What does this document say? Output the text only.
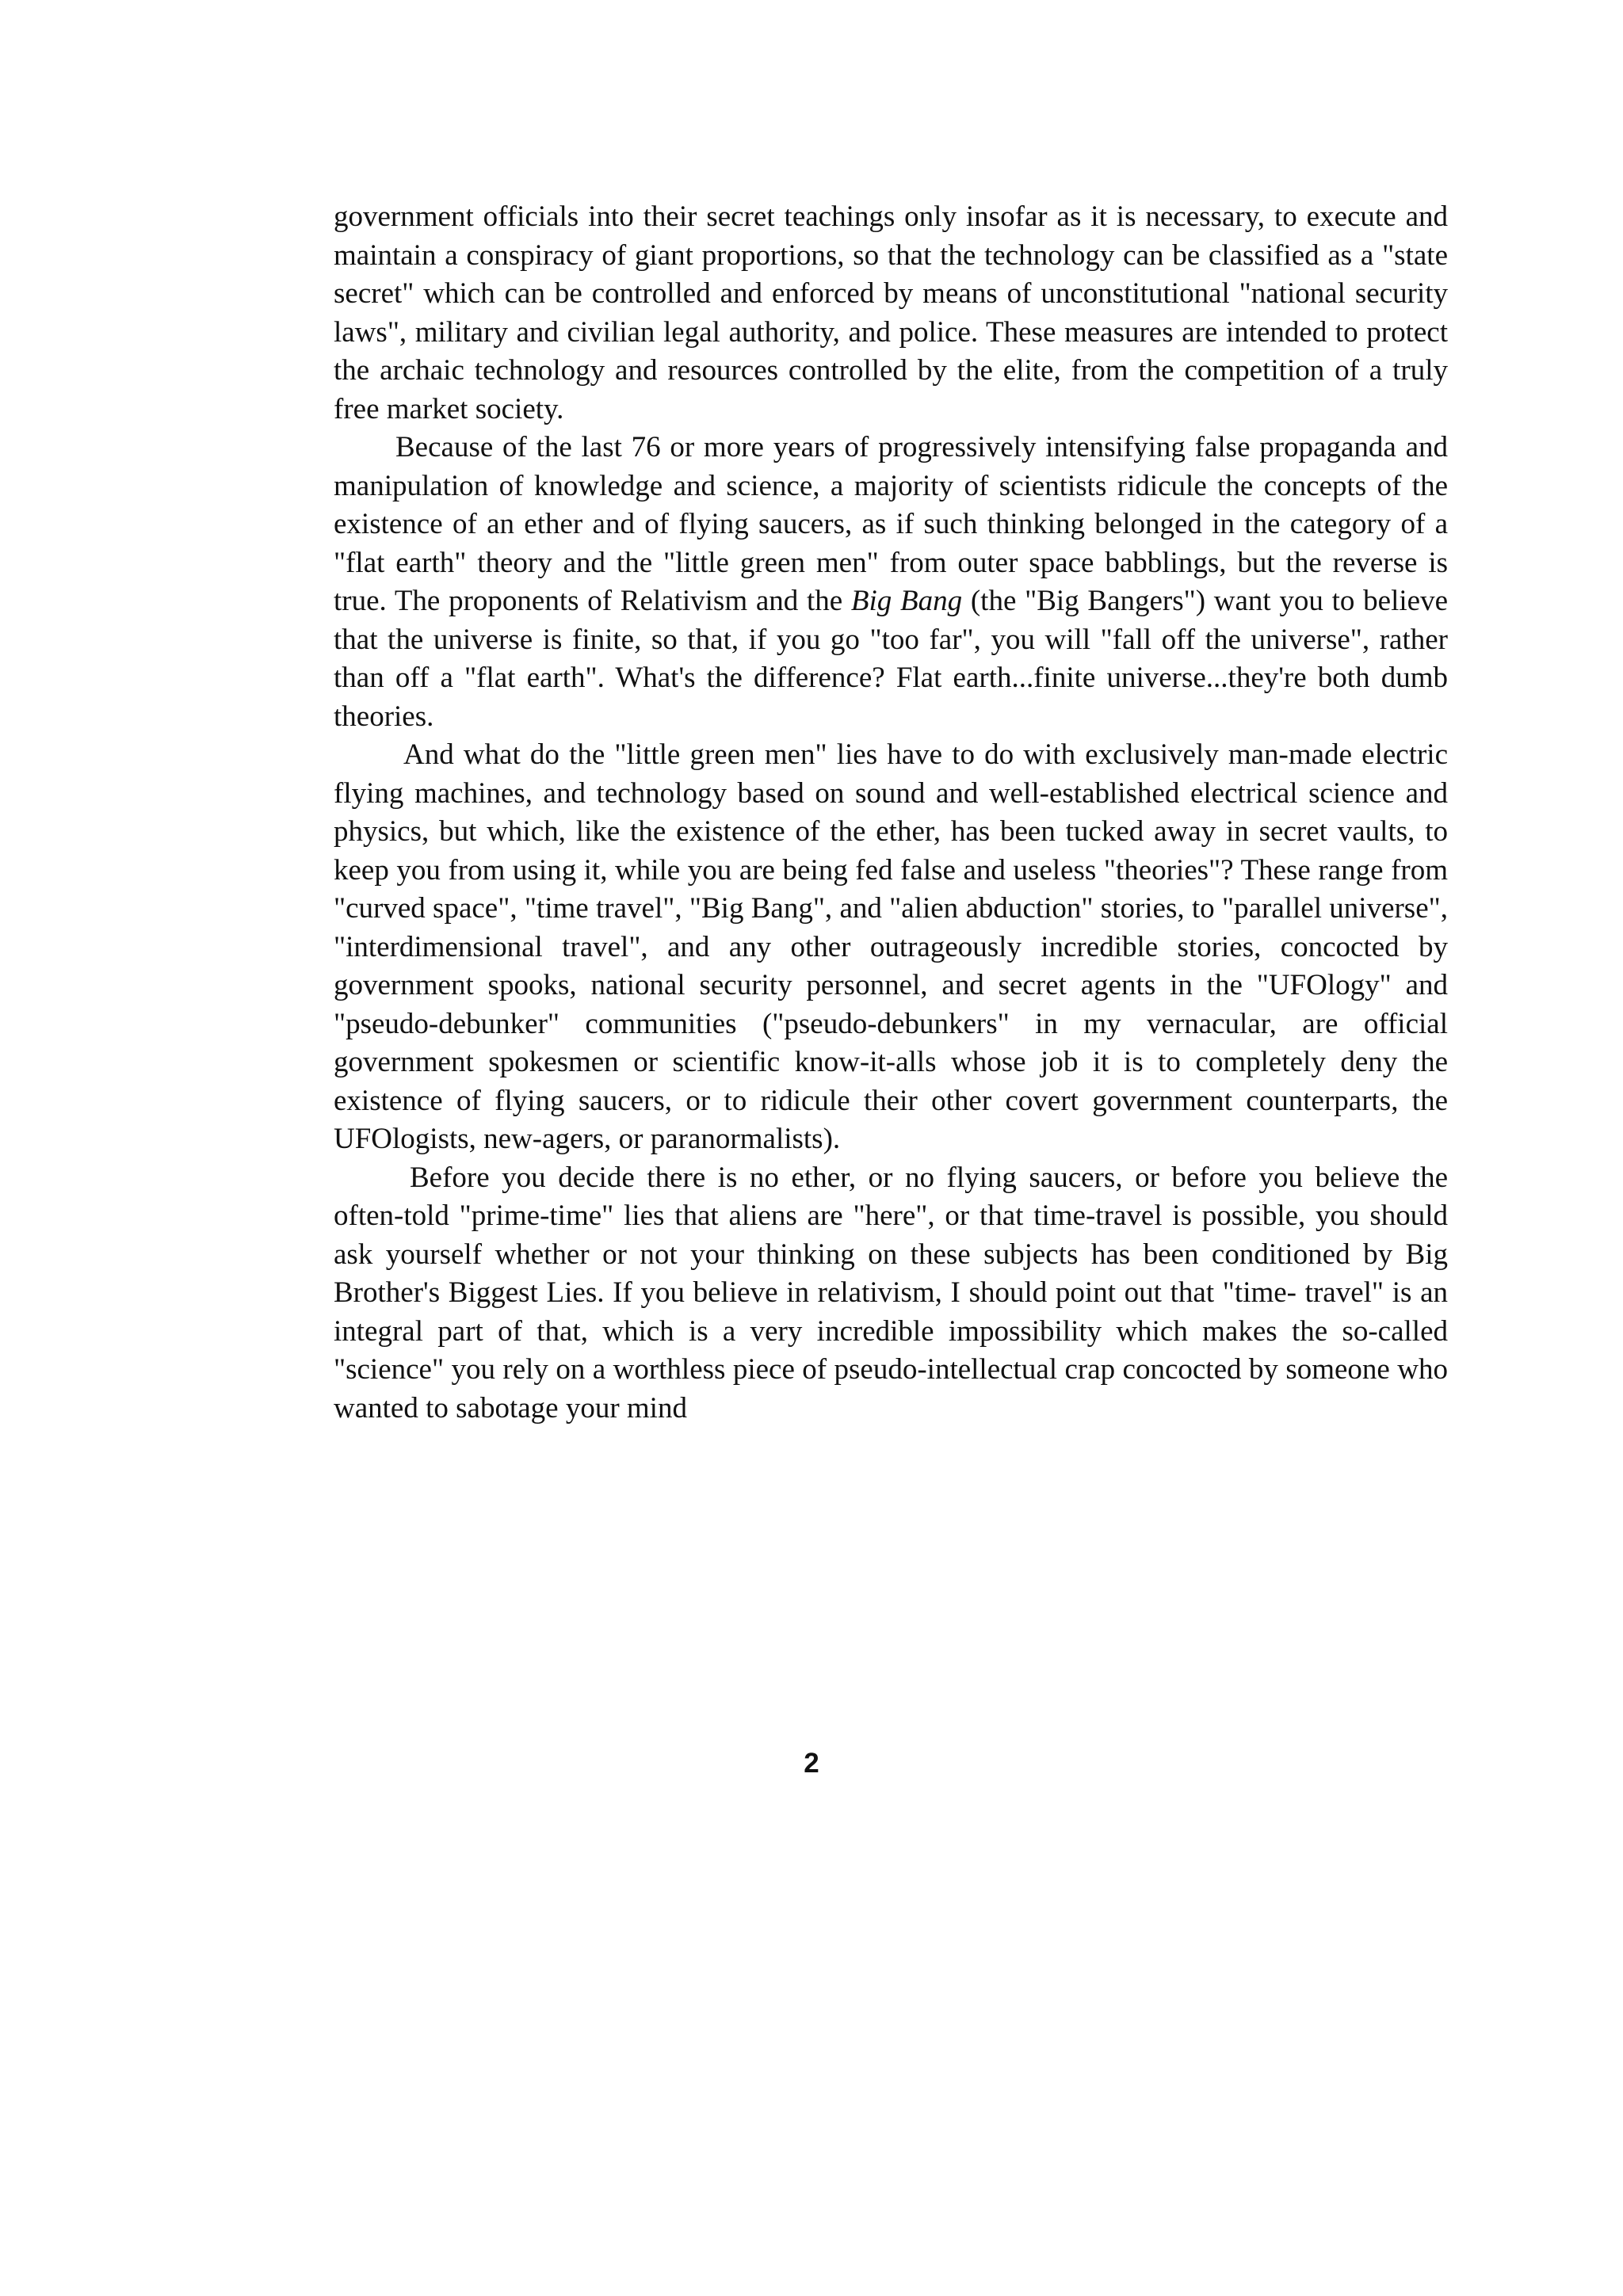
government officials into their secret teachings only insofar as it is necessary, to execute and maintain a conspiracy of giant proportions, so that the technology can be classified as a "state secret" which can be controlled and enforced by means of unconstitutional "national security laws", military and civilian legal authority, and police. These measures are intended to protect the archaic technology and resources controlled by the elite, from the competition of a truly free market society.

Because of the last 76 or more years of progressively intensifying false propaganda and manipulation of knowledge and science, a majority of scientists ridicule the concepts of the existence of an ether and of flying saucers, as if such thinking belonged in the category of a "flat earth" theory and the "little green men" from outer space babblings, but the reverse is true. The proponents of Relativism and the Big Bang (the "Big Bangers") want you to believe that the universe is finite, so that, if you go "too far", you will "fall off the universe", rather than off a "flat earth". What's the difference? Flat earth...finite universe...they're both dumb theories.

And what do the "little green men" lies have to do with exclusively man-made electric flying machines, and technology based on sound and well-established electrical science and physics, but which, like the existence of the ether, has been tucked away in secret vaults, to keep you from using it, while you are being fed false and useless "theories"? These range from "curved space", "time travel", "Big Bang", and "alien abduction" stories, to "parallel universe", "interdimensional travel", and any other outrageously incredible stories, concocted by government spooks, national security personnel, and secret agents in the "UFOlogy" and "pseudo-debunker" communities ("pseudo-debunkers" in my vernacular, are official government spokesmen or scientific know-it-alls whose job it is to completely deny the existence of flying saucers, or to ridicule their other covert government counterparts, the UFOlogists, new-agers, or paranormalists).

Before you decide there is no ether, or no flying saucers, or before you believe the often-told "prime-time" lies that aliens are "here", or that time-travel is possible, you should ask yourself whether or not your thinking on these subjects has been conditioned by Big Brother's Biggest Lies. If you believe in relativism, I should point out that "time- travel" is an integral part of that, which is a very incredible impossibility which makes the so-called "science" you rely on a worthless piece of pseudo-intellectual crap concocted by someone who wanted to sabotage your mind

2
